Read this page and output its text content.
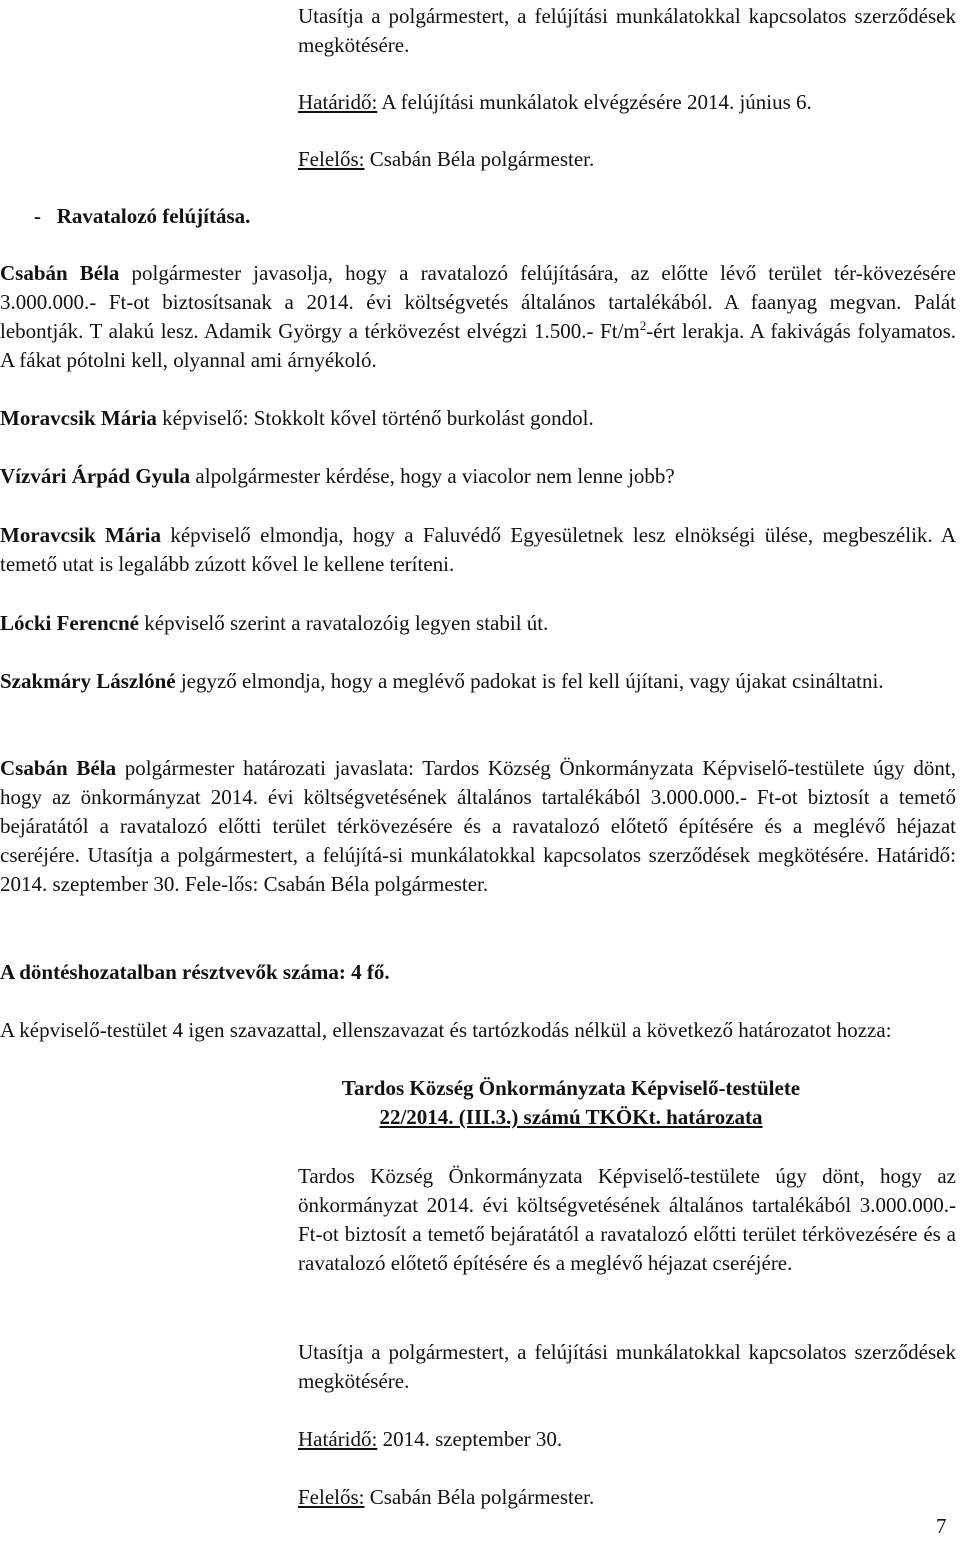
Utasítja a polgármestert, a felújítási munkálatokkal kapcsolatos szerződések megkötésére.

Határidő: A felújítási munkálatok elvégzésére 2014. június 6.

Felelős: Csabán Béla polgármester.

-   Ravatalozó felújítása.

Csabán Béla polgármester javasolja, hogy a ravatalozó felújítására, az előtte lévő terület tér-kövezésére 3.000.000.- Ft-ot biztosítsanak a 2014. évi költségvetés általános tartalékából. A faanyag megvan. Palát lebontják. T alakú lesz. Adamik György a térkövezést elvégzi 1.500.- $Ft/m^2$-ért lerakja. A fakivágás folyamatos. A fákat pótolni kell, olyannal ami árnyékoló.

Moravcsik Mária képviselő: Stokkolt kővel történő burkolást gondol.

Vízvári Árpád Gyula alpolgármester kérdése, hogy a viacolor nem lenne jobb?

Moravcsik Mária képviselő elmondja, hogy a Faluvédő Egyesületnek lesz elnökségi ülése, megbeszélik. A temető utat is legalább zúzott kővel le kellene teríteni.

Lócki Ferencné képviselő szerint a ravatalozóig legyen stabil út.

Szakmáry Lászlóné jegyző elmondja, hogy a meglévő padokat is fel kell újítani, vagy újakat csináltatni.

Csabán Béla polgármester határozati javaslata: Tardos Község Önkormányzata Képviselő-testülete úgy dönt, hogy az önkormányzat 2014. évi költségvetésének általános tartalékából 3.000.000.- Ft-ot biztosít a temető bejáratától a ravatalozó előtti terület térkövezésére és a ravatalozó előtető építésére és a meglévő héjazat cseréjére. Utasítja a polgármestert, a felújítá-si munkálatokkal kapcsolatos szerződések megkötésére. Határidő: 2014. szeptember 30. Fele-lős: Csabán Béla polgármester.

A döntéshozatalban résztvevők száma: 4 fő.

A képviselő-testület 4 igen szavazattal, ellenszavazat és tartózkodás nélkül a következő határozatot hozza:

Tardos Község Önkormányzata Képviselő-testülete

22/2014. (III.3.) számú TKÖKt. határozata

Tardos Község Önkormányzata Képviselő-testülete úgy dönt, hogy az önkormányzat 2014. évi költségvetésének általános tartalékából 3.000.000.- Ft-ot biztosít a temető bejáratától a ravatalozó előtti terület térkövezésére és a ravatalozó előtető építésére és a meglévő héjazat cseréjére.

Utasítja a polgármestert, a felújítási munkálatokkal kapcsolatos szerződések megkötésére.

Határidő: 2014. szeptember 30.

Felelős: Csabán Béla polgármester.

7
